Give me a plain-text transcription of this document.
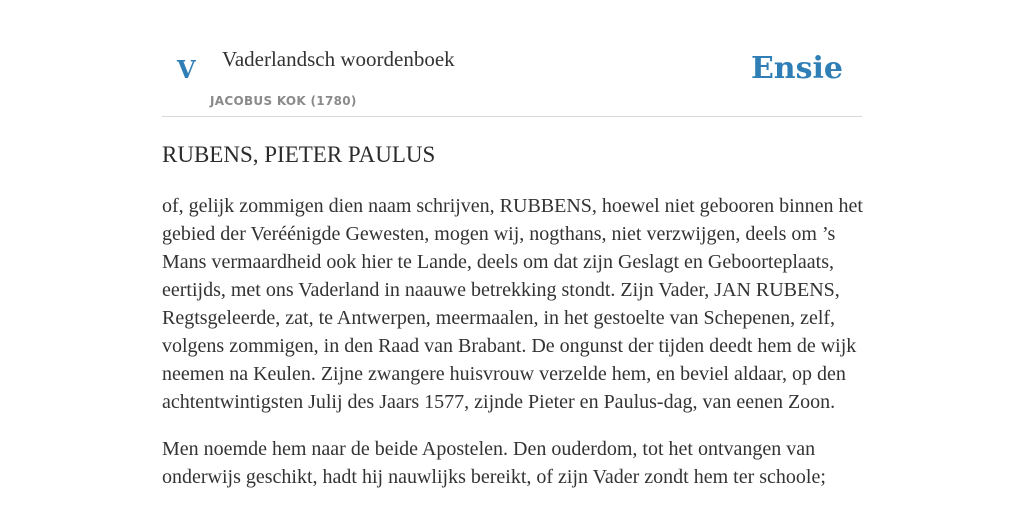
V Vaderlandsch woordenboek
JACOBUS KOK (1780)
Ensie
RUBENS, PIETER PAULUS

of, gelijk zommigen dien naam schrijven, RUBBENS, hoewel niet gebooren binnen het gebied der Veréénigde Gewesten, mogen wij, nogthans, niet verzwijgen, deels om ’s Mans vermaardheid ook hier te Lande, deels om dat zijn Geslagt en Geboorteplaats, eertijds, met ons Vaderland in naauwe betrekking stondt. Zijn Vader, JAN RUBENS, Regtsgeleerde, zat, te Antwerpen, meermaalen, in het gestoelte van Schepenen, zelf, volgens zommigen, in den Raad van Brabant. De ongunst der tijden deedt hem de wijk neemen na Keulen. Zijne zwangere huisvrouw verzelde hem, en beviel aldaar, op den achtentwintigsten Julij des Jaars 1577, zijnde Pieter en Paulus-dag, van eenen Zoon.

Men noemde hem naar de beide Apostelen. Den ouderdom, tot het ontvangen van onderwijs geschikt, hadt hij nauwlijks bereikt, of zijn Vader zondt hem ter schoole;
